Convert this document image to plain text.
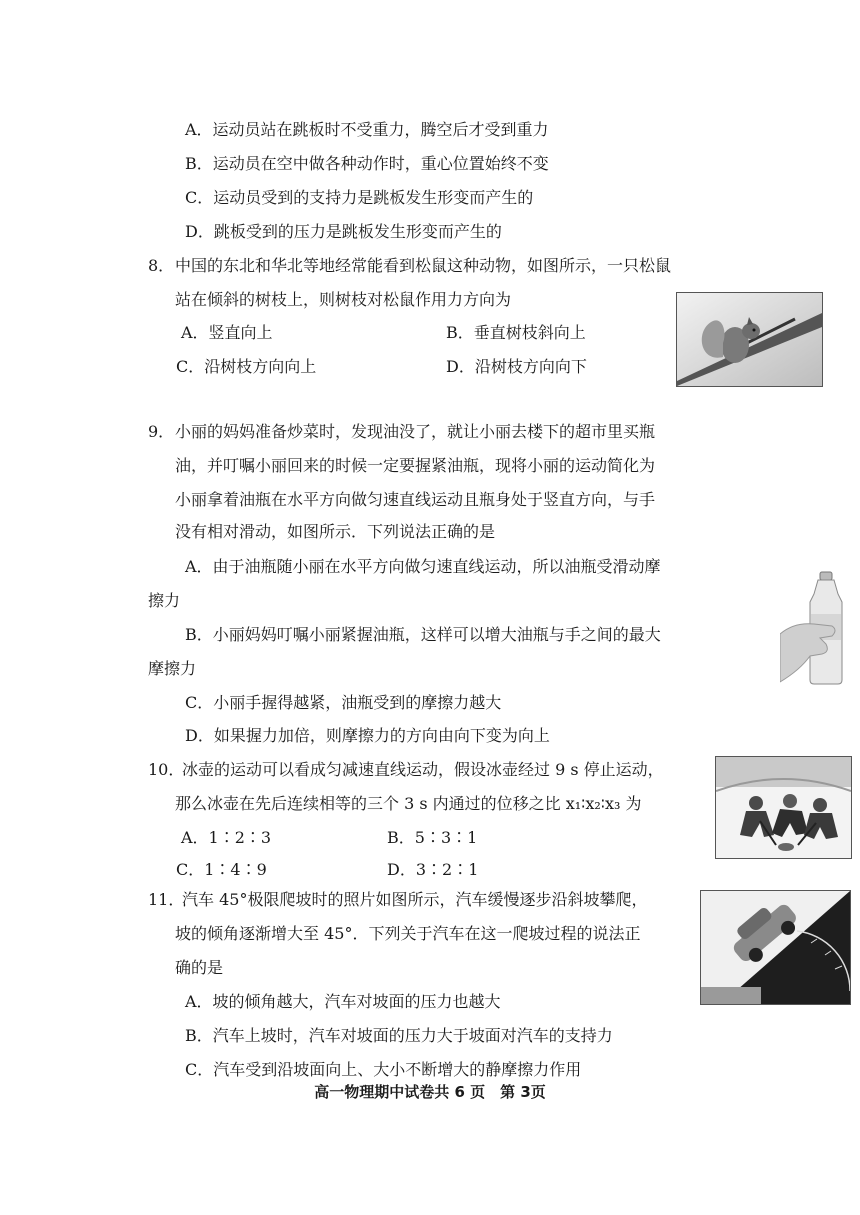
A．运动员站在跳板时不受重力，腾空后才受到重力
B．运动员在空中做各种动作时，重心位置始终不变
C．运动员受到的支持力是跳板发生形变而产生的
D．跳板受到的压力是跳板发生形变而产生的
8． 中国的东北和华北等地经常能看到松鼠这种动物，如图所示，一只松鼠
站在倾斜的树枝上，则树枝对松鼠作用力方向为
A．竖直向上	B．垂直树枝斜向上
C．沿树枝方向向上	D．沿树枝方向向下
9． 小丽的妈妈准备炒菜时，发现油没了，就让小丽去楼下的超市里买瓶
油，并叮嘱小丽回来的时候一定要握紧油瓶，现将小丽的运动简化为
小丽拿着油瓶在水平方向做匀速直线运动且瓶身处于竖直方向，与手
没有相对滑动，如图所示．下列说法正确的是
A．由于油瓶随小丽在水平方向做匀速直线运动，所以油瓶受滑动摩
擦力
B．小丽妈妈叮嘱小丽紧握油瓶，这样可以增大油瓶与手之间的最大
摩擦力
C．小丽手握得越紧，油瓶受到的摩擦力越大
D．如果握力加倍，则摩擦力的方向由向下变为向上
10．
冰壶的运动可以看成匀减速直线运动，假设冰壶经过 9 s 停止运动，
那么冰壶在先后连续相等的三个 3 s 内通过的位移之比 x₁∶x₂∶x₃ 为
A．1∶2∶3	B．5∶3∶1
C．1∶4∶9	D．3∶2∶1
11．
汽车 45°极限爬坡时的照片如图所示，汽车缓慢逐步沿斜坡攀爬，
坡的倾角逐渐增大至 45°．下列关于汽车在这一爬坡过程的说法正
确的是
A．坡的倾角越大，汽车对坡面的压力也越大
B．汽车上坡时，汽车对坡面的压力大于坡面对汽车的支持力
C．汽车受到沿坡面向上、大小不断增大的静摩擦力作用
高一物理期中试卷共 6 页　第 3页
